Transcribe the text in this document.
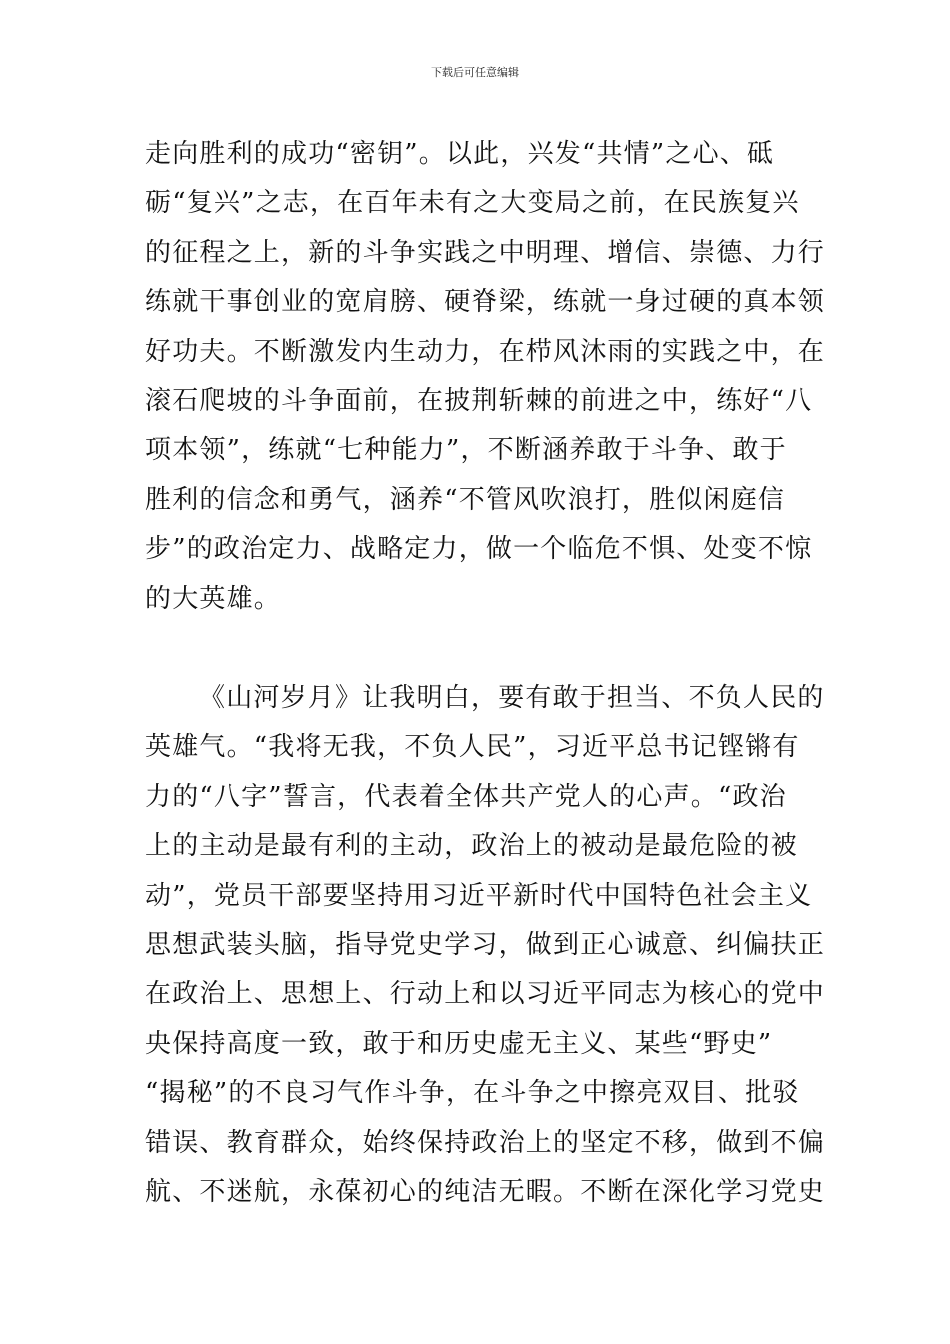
下载后可任意编辑
走向胜利的成功“密钥”。以此，兴发“共情”之心、砥
砺“复兴”之志，在百年未有之大变局之前，在民族复兴
的征程之上，新的斗争实践之中明理、增信、崇德、力行
练就干事创业的宽肩膀、硬脊梁，练就一身过硬的真本领
好功夫。不断激发内生动力，在栉风沐雨的实践之中，在
滚石爬坡的斗争面前，在披荆斩棘的前进之中，练好“八
项本领”，练就“七种能力”，不断涵养敢于斗争、敢于
胜利的信念和勇气，涵养“不管风吹浪打，胜似闲庭信
步”的政治定力、战略定力，做一个临危不惧、处变不惊
的大英雄。
《山河岁月》让我明白，要有敢于担当、不负人民的
英雄气。“我将无我，不负人民”，习近平总书记铿锵有
力的“八字”誓言，代表着全体共产党人的心声。“政治
上的主动是最有利的主动，政治上的被动是最危险的被
动”，党员干部要坚持用习近平新时代中国特色社会主义
思想武装头脑，指导党史学习，做到正心诚意、纠偏扶正
在政治上、思想上、行动上和以习近平同志为核心的党中
央保持高度一致，敢于和历史虚无主义、某些“野史”
“揭秘”的不良习气作斗争，在斗争之中擦亮双目、批驳
错误、教育群众，始终保持政治上的坚定不移，做到不偏
航、不迷航，永葆初心的纯洁无暇。不断在深化学习党史
